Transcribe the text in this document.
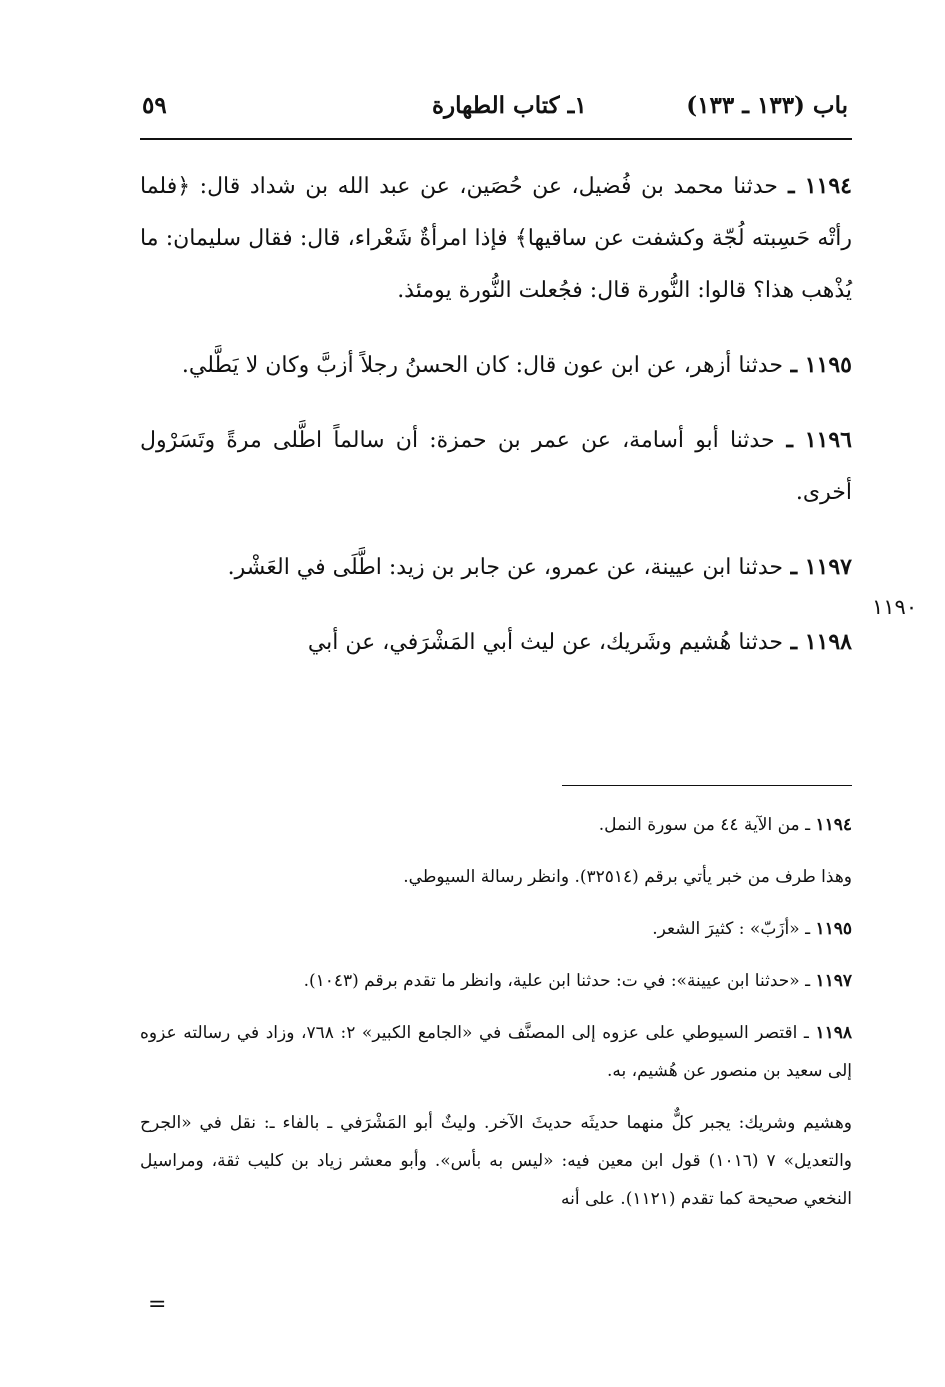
باب (١٣٣ ـ ١٣٣)
١ـ كتاب الطهارة
٥٩
١١٩٠

١١٩٤ ـ حدثنا محمد بن فُضيل، عن حُصَين، عن عبد الله بن شداد قال: ﴿فلما رأتْه حَسِبته لُجّة وكشفت عن ساقيها﴾ فإذا امرأةٌ شَعْراء، قال: فقال سليمان: ما يُذْهب هذا؟ قالوا: النُّورة قال: فجُعلت النُّورة يومئذ.

١١٩٥ ـ حدثنا أزهر، عن ابن عون قال: كان الحسنُ رجلاً أزبَّ وكان لا يَطَّلي.

١١٩٦ ـ حدثنا أبو أسامة، عن عمر بن حمزة: أن سالماً اطَّلى مرةً وتَسَرْول أخرى.

١١٩٧ ـ حدثنا ابن عيينة، عن عمرو، عن جابر بن زيد: اطَّلَى في العَشْر.

١١٩٨ ـ حدثنا هُشيم وشَريك، عن ليث أبي المَشْرَفي، عن أبي

١١٩٤ ـ من الآية ٤٤ من سورة النمل.

وهذا طرف من خبر يأتي برقم (٣٢٥١٤). وانظر رسالة السيوطي.

١١٩٥ ـ «أزَبّ» : كثيرَ الشعر.

١١٩٧ ـ «حدثنا ابن عيينة»: في ت: حدثنا ابن علية، وانظر ما تقدم برقم (١٠٤٣).

١١٩٨ ـ اقتصر السيوطي على عزوه إلى المصنَّف في «الجامع الكبير» ٢: ٧٦٨، وزاد في رسالته عزوه إلى سعيد بن منصور عن هُشيم، به.

وهشيم وشريك: يجبر كلٌّ منهما حديثَه حديثَ الآخر. وليثٌ أبو المَشْرَفي ـ بالفاء ـ: نقل في «الجرح والتعديل» ٧ (١٠١٦) قول ابن معين فيه: «ليس به بأس». وأبو معشر زياد بن كليب ثقة، ومراسيل النخعي صحيحة كما تقدم (١١٢١). على أنه

=
